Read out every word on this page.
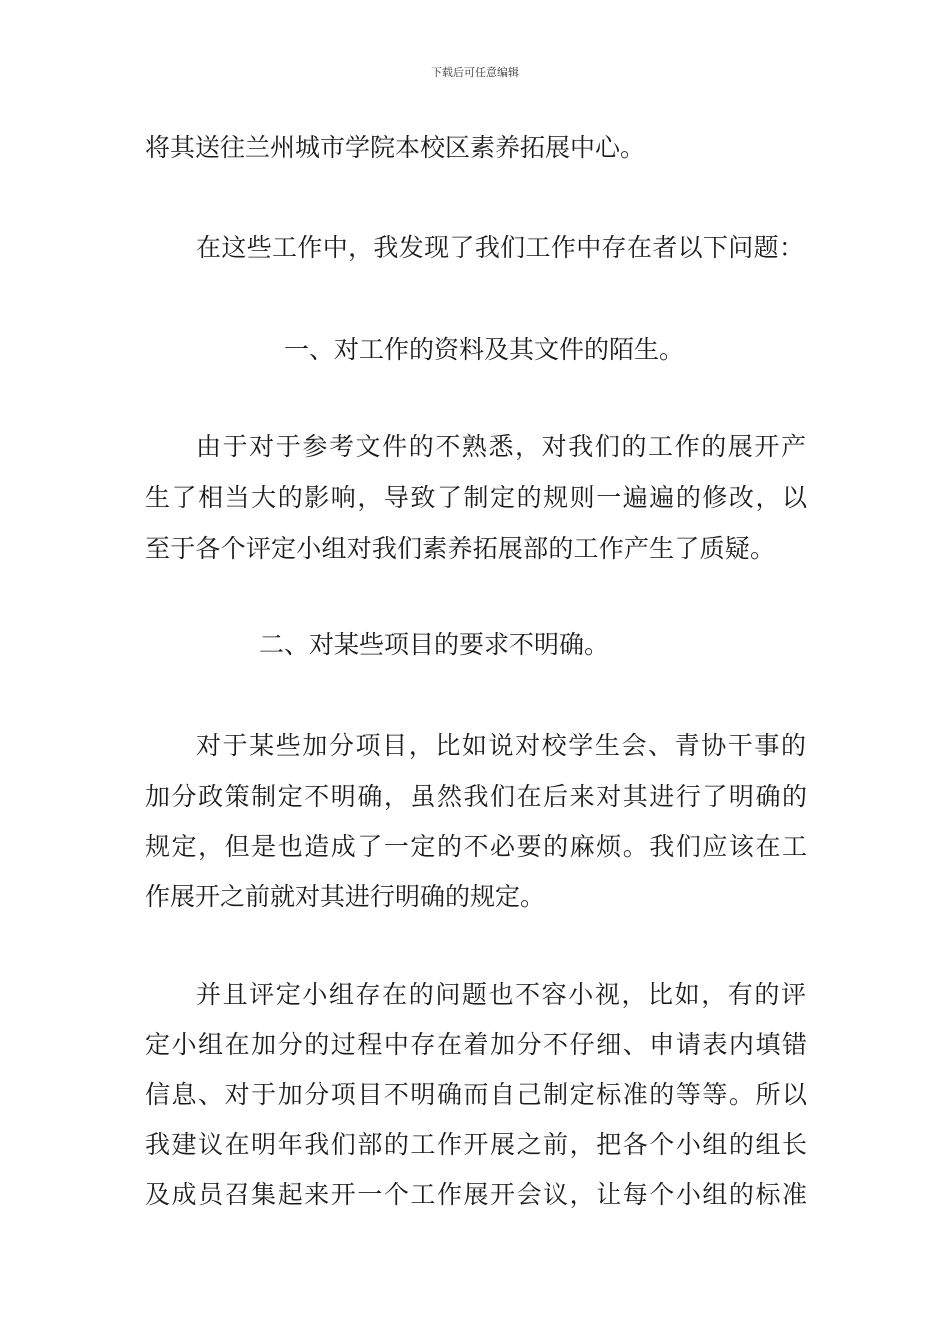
下载后可任意编辑
将其送往兰州城市学院本校区素养拓展中心。
在这些工作中，我发现了我们工作中存在者以下问题：
一、对工作的资料及其文件的陌生。
由于对于参考文件的不熟悉，对我们的工作的展开产
生了相当大的影响，导致了制定的规则一遍遍的修改，以
至于各个评定小组对我们素养拓展部的工作产生了质疑。
二、对某些项目的要求不明确。
对于某些加分项目，比如说对校学生会、青协干事的
加分政策制定不明确，虽然我们在后来对其进行了明确的
规定，但是也造成了一定的不必要的麻烦。我们应该在工
作展开之前就对其进行明确的规定。
并且评定小组存在的问题也不容小视，比如，有的评
定小组在加分的过程中存在着加分不仔细、申请表内填错
信息、对于加分项目不明确而自己制定标准的等等。所以
我建议在明年我们部的工作开展之前，把各个小组的组长
及成员召集起来开一个工作展开会议，让每个小组的标准
